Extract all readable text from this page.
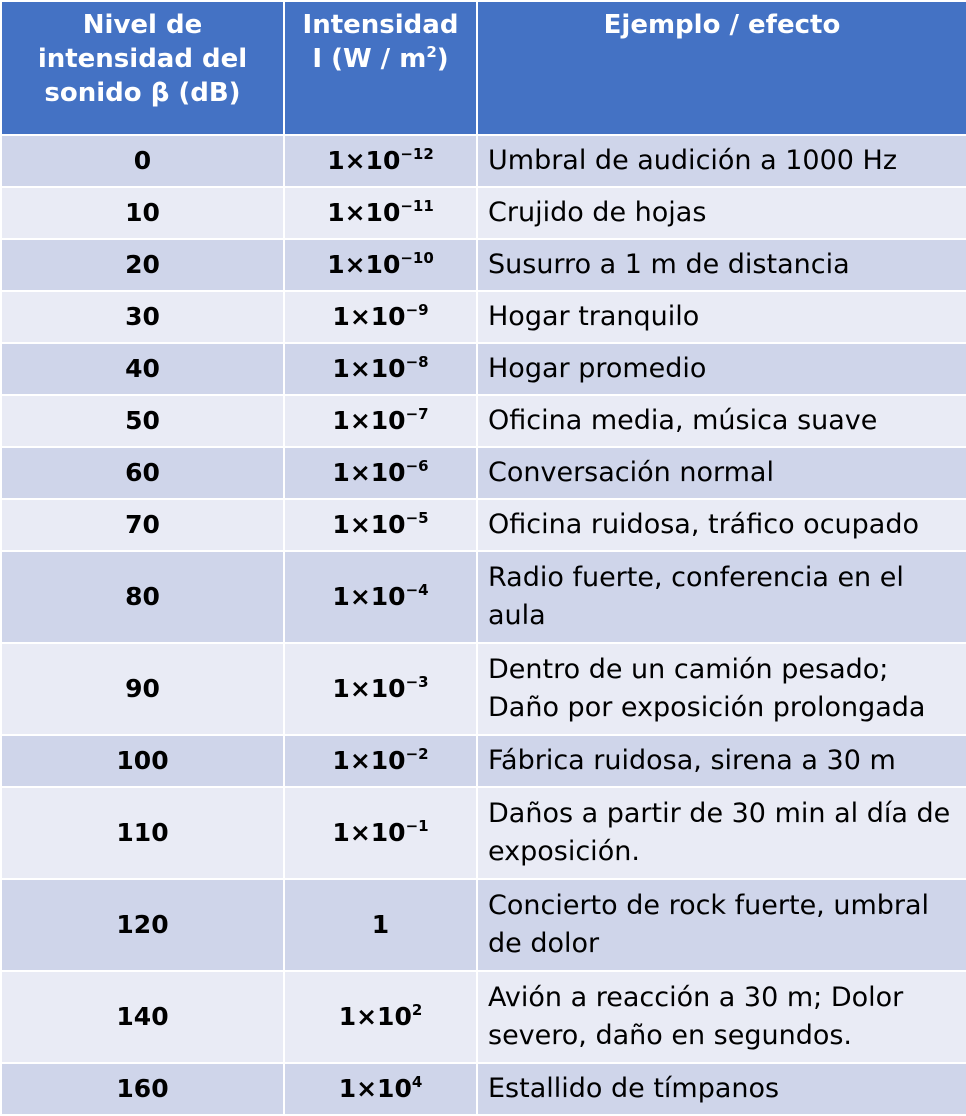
Nivel de intensidad del sonido β (dB)	Intensidad I $(W / m^2)$	Ejemplo / efecto
0	$1\times 10^{-12}$	Umbral de audición a 1000 Hz
10	$1\times 10^{-11}$	Crujido de hojas
20	$1\times 10^{-10}$	Susurro a 1 m de distancia
30	$1\times 10^{-9}$	Hogar tranquilo
40	$1\times 10^{-8}$	Hogar promedio
50	$1\times 10^{-7}$	Oficina media, música suave
60	$1\times 10^{-6}$	Conversación normal
70	$1\times 10^{-5}$	Oficina ruidosa, tráfico ocupado
80	$1\times 10^{-4}$	Radio fuerte, conferencia en el aula
90	$1\times 10^{-3}$	Dentro de un camión pesado; Daño por exposición prolongada
100	$1\times 10^{-2}$	Fábrica ruidosa, sirena a 30 m
110	$1\times 10^{-1}$	Daños a partir de 30 min al día de exposición.
120	1	Concierto de rock fuerte, umbral de dolor
140	$1\times 10^2$	Avión a reacción a 30 m; Dolor severo, daño en segundos.
160	$1\times 10^4$	Estallido de tímpanos
